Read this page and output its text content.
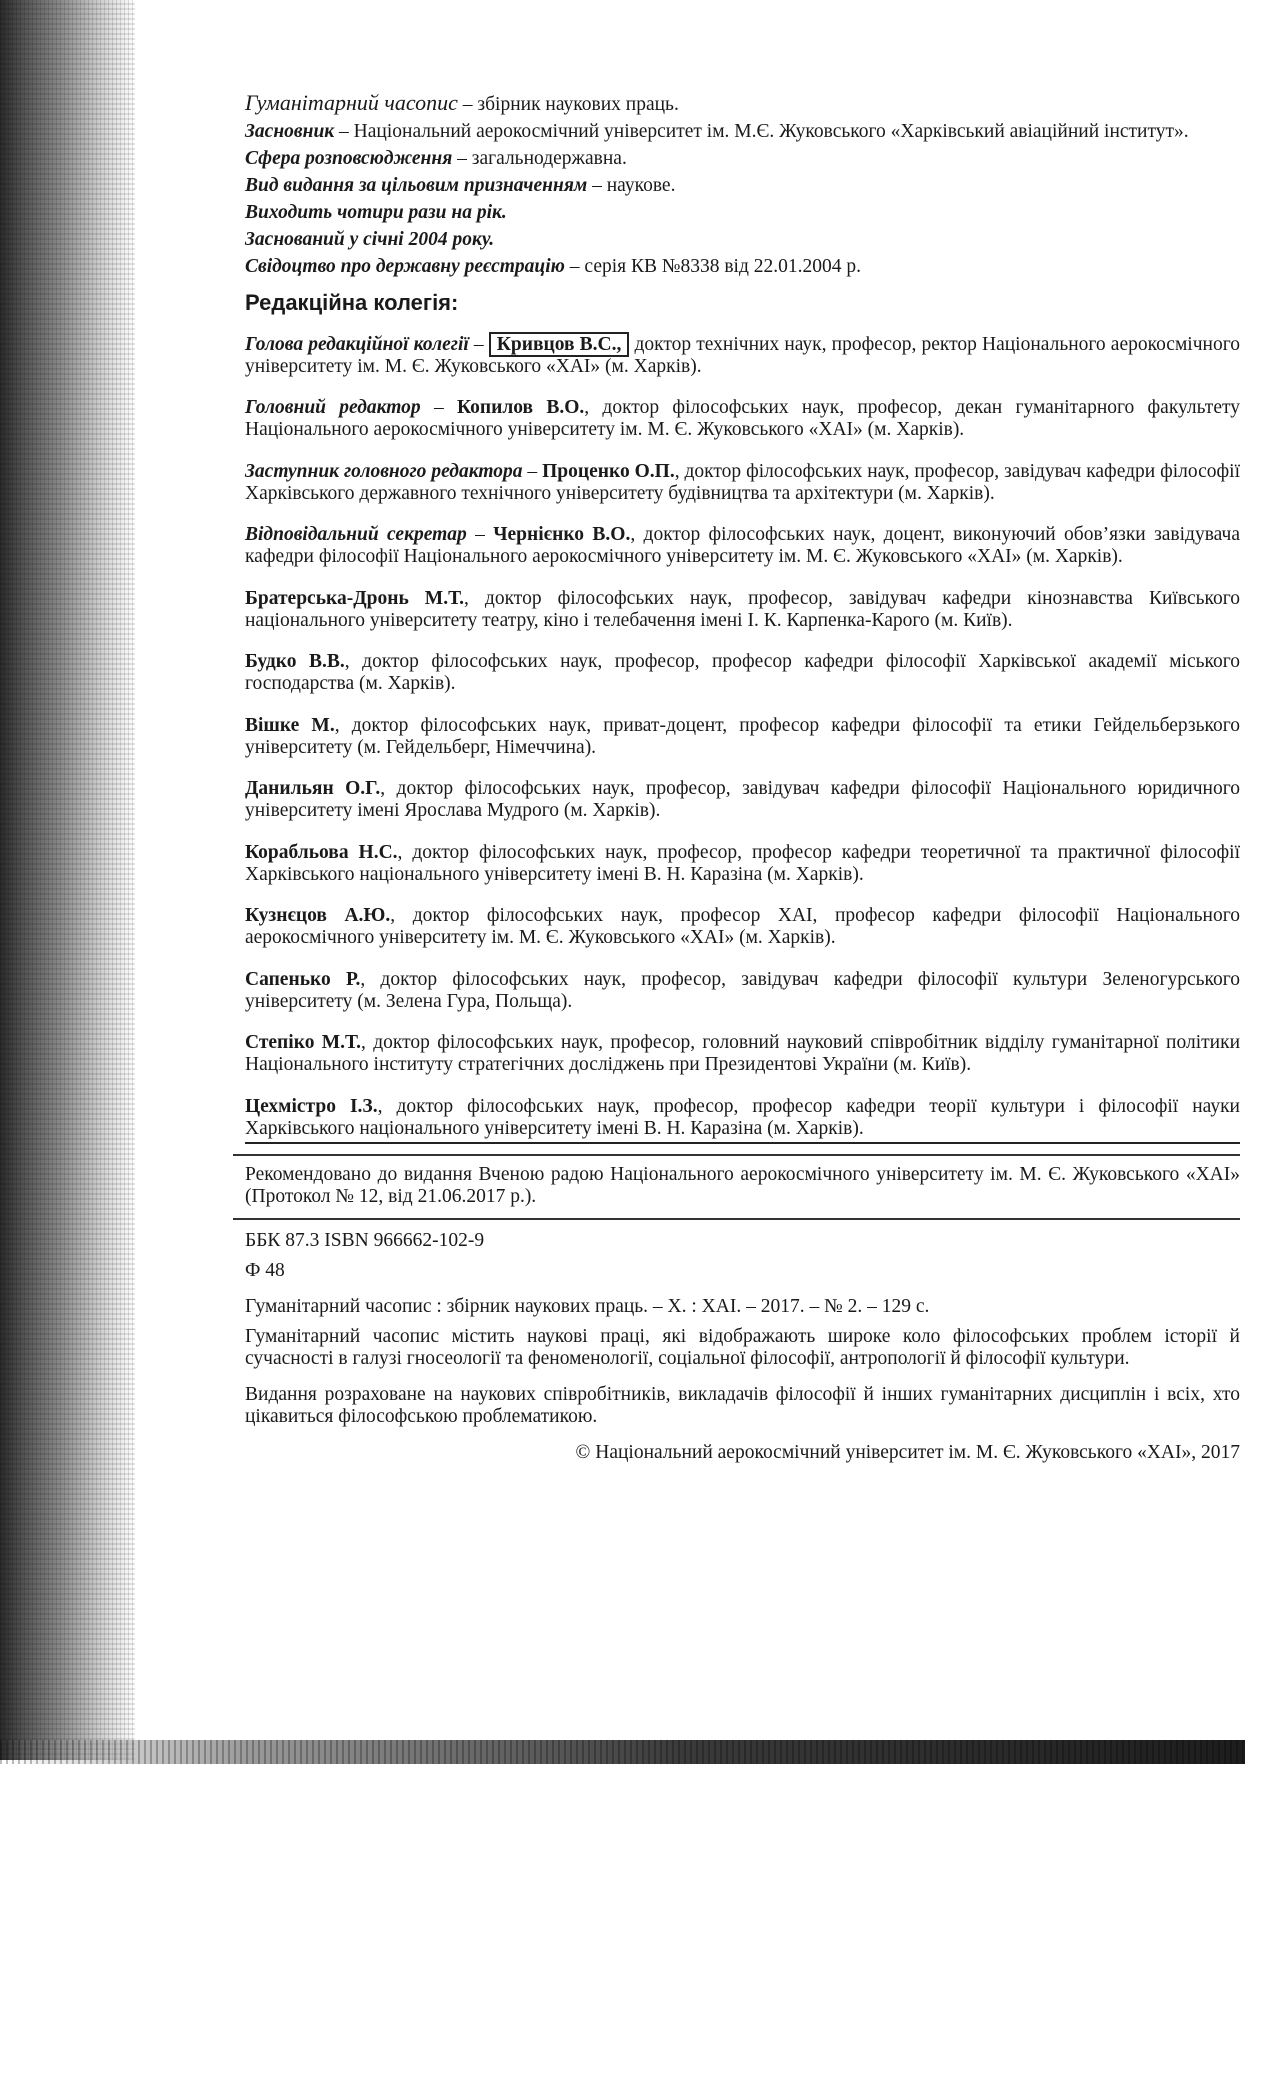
Гуманітарний часопис – збірник наукових праць.

Засновник – Національний аерокосмічний університет ім. М.Є. Жуковського «Харківський авіаційний інститут».

Сфера розповсюдження – загальнодержавна.

Вид видання за цільовим призначенням – наукове.

Виходить чотири рази на рік.

Заснований у січні 2004 року.

Свідоцтво про державну реєстрацію – серія КВ №8338 від 22.01.2004 р.

Редакційна колегія:

Голова редакційної колегії – Кривцов В.С., доктор технічних наук, професор, ректор Національного аерокосмічного університету ім. М. Є. Жуковського «ХАІ» (м. Харків).

Головний редактор – Копилов В.О., доктор філософських наук, професор, декан гуманітарного факультету Національного аерокосмічного університету ім. М. Є. Жуковського «ХАІ» (м. Харків).

Заступник головного редактора – Проценко О.П., доктор філософських наук, професор, завідувач кафедри філософії Харківського державного технічного університету будівництва та архітектури (м. Харків).

Відповідальний секретар – Чернієнко В.О., доктор філософських наук, доцент, виконуючий обов’язки завідувача кафедри філософії Національного аерокосмічного університету ім. М. Є. Жуковського «ХАІ» (м. Харків).

Братерська-Дронь М.Т., доктор філософських наук, професор, завідувач кафедри кінознавства Київського національного університету театру, кіно і телебачення імені І. К. Карпенка-Карого (м. Київ).

Будко В.В., доктор філософських наук, професор, професор кафедри філософії Харківської академії міського господарства (м. Харків).

Вішке М., доктор філософських наук, приват-доцент, професор кафедри філософії та етики Гейдельберзького університету (м. Гейдельберг, Німеччина).

Данильян О.Г., доктор філософських наук, професор, завідувач кафедри філософії Національного юридичного університету імені Ярослава Мудрого (м. Харків).

Корабльова Н.С., доктор філософських наук, професор, професор кафедри теоретичної та практичної філософії Харківського національного університету імені В. Н. Каразіна (м. Харків).

Кузнєцов А.Ю., доктор філософських наук, професор ХАІ, професор кафедри філософії Національного аерокосмічного університету ім. М. Є. Жуковського «ХАІ» (м. Харків).

Сапенько Р., доктор філософських наук, професор, завідувач кафедри філософії культури Зеленогурського університету (м. Зелена Гура, Польща).

Степіко М.Т., доктор філософських наук, професор, головний науковий співробітник відділу гуманітарної політики Національного інституту стратегічних досліджень при Президентові України (м. Київ).

Цехмістро І.З., доктор філософських наук, професор, професор кафедри теорії культури і філософії науки Харківського національного університету імені В. Н. Каразіна (м. Харків).

Рекомендовано до видання Вченою радою Національного аерокосмічного університету ім. М. Є. Жуковського «ХАІ» (Протокол № 12, від 21.06.2017 р.).

ББК 87.3 ISBN 966662-102-9

Ф 48

Гуманітарний часопис : збірник наукових праць. – Х. : ХАІ. – 2017. – № 2. – 129 с.

Гуманітарний часопис містить наукові праці, які відображають широке коло філософських проблем історії й сучасності в галузі гносеології та феноменології, соціальної філософії, антропології й філософії культури.

Видання розраховане на наукових співробітників, викладачів філософії й інших гуманітарних дисциплін і всіх, хто цікавиться філософською проблематикою.

© Національний аерокосмічний університет ім. М. Є. Жуковського «ХАІ», 2017
